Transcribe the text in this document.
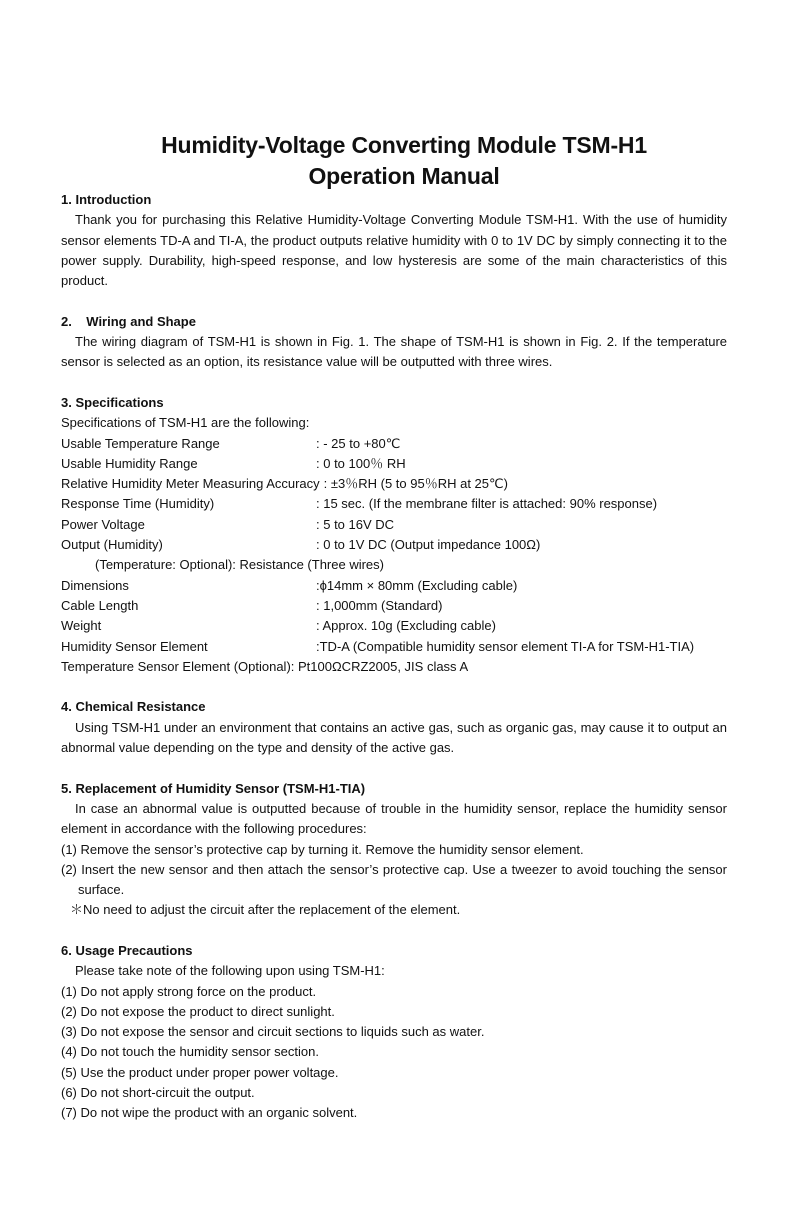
Humidity-Voltage Converting Module TSM-H1
Operation Manual
1. Introduction
Thank you for purchasing this Relative Humidity-Voltage Converting Module TSM-H1. With the use of humidity sensor elements TD-A and TI-A, the product outputs relative humidity with 0 to 1V DC by simply connecting it to the power supply. Durability, high-speed response, and low hysteresis are some of the main characteristics of this product.
2.    Wiring and Shape
The wiring diagram of TSM-H1 is shown in Fig. 1. The shape of TSM-H1 is shown in Fig. 2. If the temperature sensor is selected as an option, its resistance value will be outputted with three wires.
3. Specifications
Specifications of TSM-H1 are the following:
Usable Temperature Range	: - 25 to +80℃
Usable Humidity Range	: 0 to 100％ RH
Relative Humidity Meter Measuring Accuracy : ±3％RH (5 to 95％RH at 25℃)
Response Time (Humidity)	: 15 sec. (If the membrane filter is attached: 90% response)
Power Voltage	: 5 to 16V DC
Output (Humidity)	: 0 to 1V DC (Output impedance 100Ω)
(Temperature: Optional): Resistance (Three wires)
Dimensions	:ϕ14mm × 80mm (Excluding cable)
Cable Length	: 1,000mm (Standard)
Weight	: Approx. 10g (Excluding cable)
Humidity Sensor Element	:TD-A (Compatible humidity sensor element TI-A for TSM-H1-TIA)
Temperature Sensor Element (Optional): Pt100ΩCRZ2005, JIS class A
4. Chemical Resistance
Using TSM-H1 under an environment that contains an active gas, such as organic gas, may cause it to output an abnormal value depending on the type and density of the active gas.
5. Replacement of Humidity Sensor (TSM-H1-TIA)
In case an abnormal value is outputted because of trouble in the humidity sensor, replace the humidity sensor element in accordance with the following procedures:
(1) Remove the sensor’s protective cap by turning it. Remove the humidity sensor element.
(2) Insert the new sensor and then attach the sensor’s protective cap. Use a tweezer to avoid touching the sensor surface.
＊No need to adjust the circuit after the replacement of the element.
6. Usage Precautions
Please take note of the following upon using TSM-H1:
(1) Do not apply strong force on the product.
(2) Do not expose the product to direct sunlight.
(3) Do not expose the sensor and circuit sections to liquids such as water.
(4) Do not touch the humidity sensor section.
(5) Use the product under proper power voltage.
(6) Do not short-circuit the output.
(7) Do not wipe the product with an organic solvent.
